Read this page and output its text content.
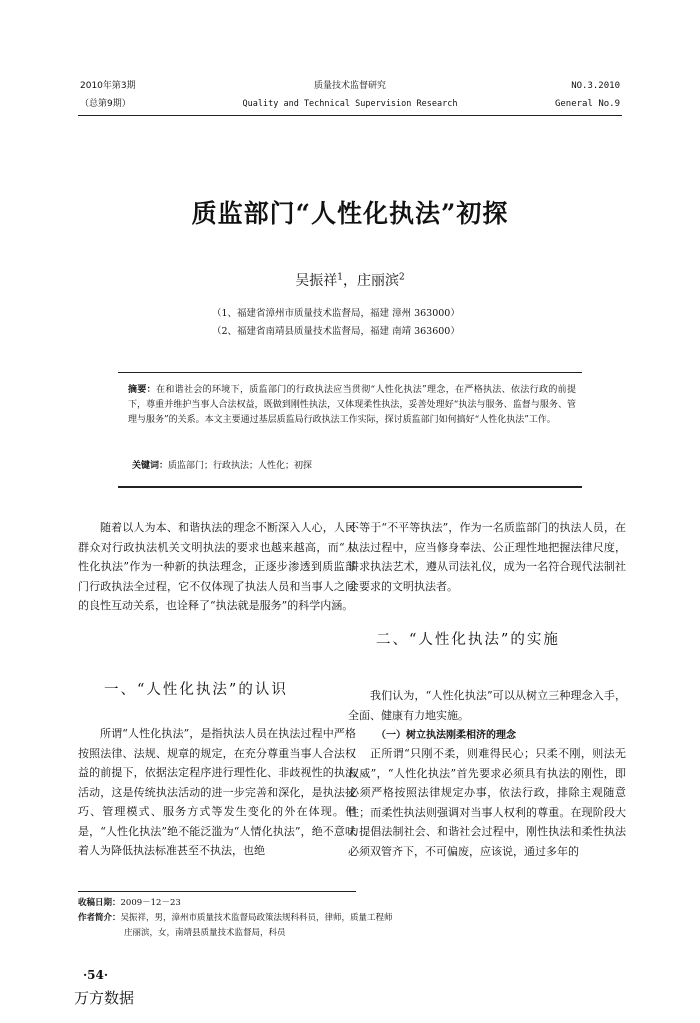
2010年第3期
（总第9期）
质量技术监督研究
Quality and Technical Supervision Research
NO.3.2010
General No.9
质监部门“人性化执法”初探
吴振祥$^1$，庄丽滨$^2$
（1、福建省漳州市质量技术监督局，福建 漳州 363000）
（2、福建省南靖县质量技术监督局，福建 南靖 363600）
摘要：在和谐社会的环境下，质监部门的行政执法应当贯彻“人性化执法”理念，在严格执法、依法行政的前提下，尊重并维护当事人合法权益，既做到刚性执法，又体现柔性执法，妥善处理好“执法与服务、监督与服务、管理与服务”的关系。本文主要通过基层质监局行政执法工作实际，探讨质监部门如何搞好“人性化执法”工作。
关键词：质监部门；行政执法；人性化；初探
随着以人为本、和谐执法的理念不断深入人心，人民群众对行政执法机关文明执法的要求也越来越高，而“人性化执法”作为一种新的执法理念，正逐步渗透到质监部门行政执法全过程，它不仅体现了执法人员和当事人之间的良性互动关系，也诠释了“执法就是服务”的科学内涵。
一、“人性化执法”的认识
所谓“人性化执法”，是指执法人员在执法过程中严格按照法律、法规、规章的规定，在充分尊重当事人合法权益的前提下，依据法定程序进行理性化、非歧视性的执法活动，这是传统执法活动的进一步完善和深化，是执法技巧、管理模式、服务方式等发生变化的外在体现。但是，“人性化执法”绝不能泛滥为“人情化执法”，绝不意味着人为降低执法标准甚至不执法，也绝
不等于“不平等执法”，作为一名质监部门的执法人员，在执法过程中，应当修身奉法、公正理性地把握法律尺度，讲求执法艺术，遵从司法礼仪，成为一名符合现代法制社会要求的文明执法者。
二、“人性化执法”的实施
我们认为，“人性化执法”可以从树立三种理念入手，全面、健康有力地实施。
（一）树立执法刚柔相济的理念
正所谓“只刚不柔，则难得民心；只柔不刚，则法无权威”，“人性化执法”首先要求必须具有执法的刚性，即必须严格按照法律规定办事，依法行政，排除主观随意性；而柔性执法则强调对当事人权利的尊重。在现阶段大力提倡法制社会、和谐社会过程中，刚性执法和柔性执法必须双管齐下，不可偏废，应该说，通过多年的
收稿日期：2009－12－23
作者简介：吴振祥，男，漳州市质量技术监督局政策法规科科员，律师，质量工程师
庄丽滨，女，南靖县质量技术监督局，科员
·54·
万方数据
